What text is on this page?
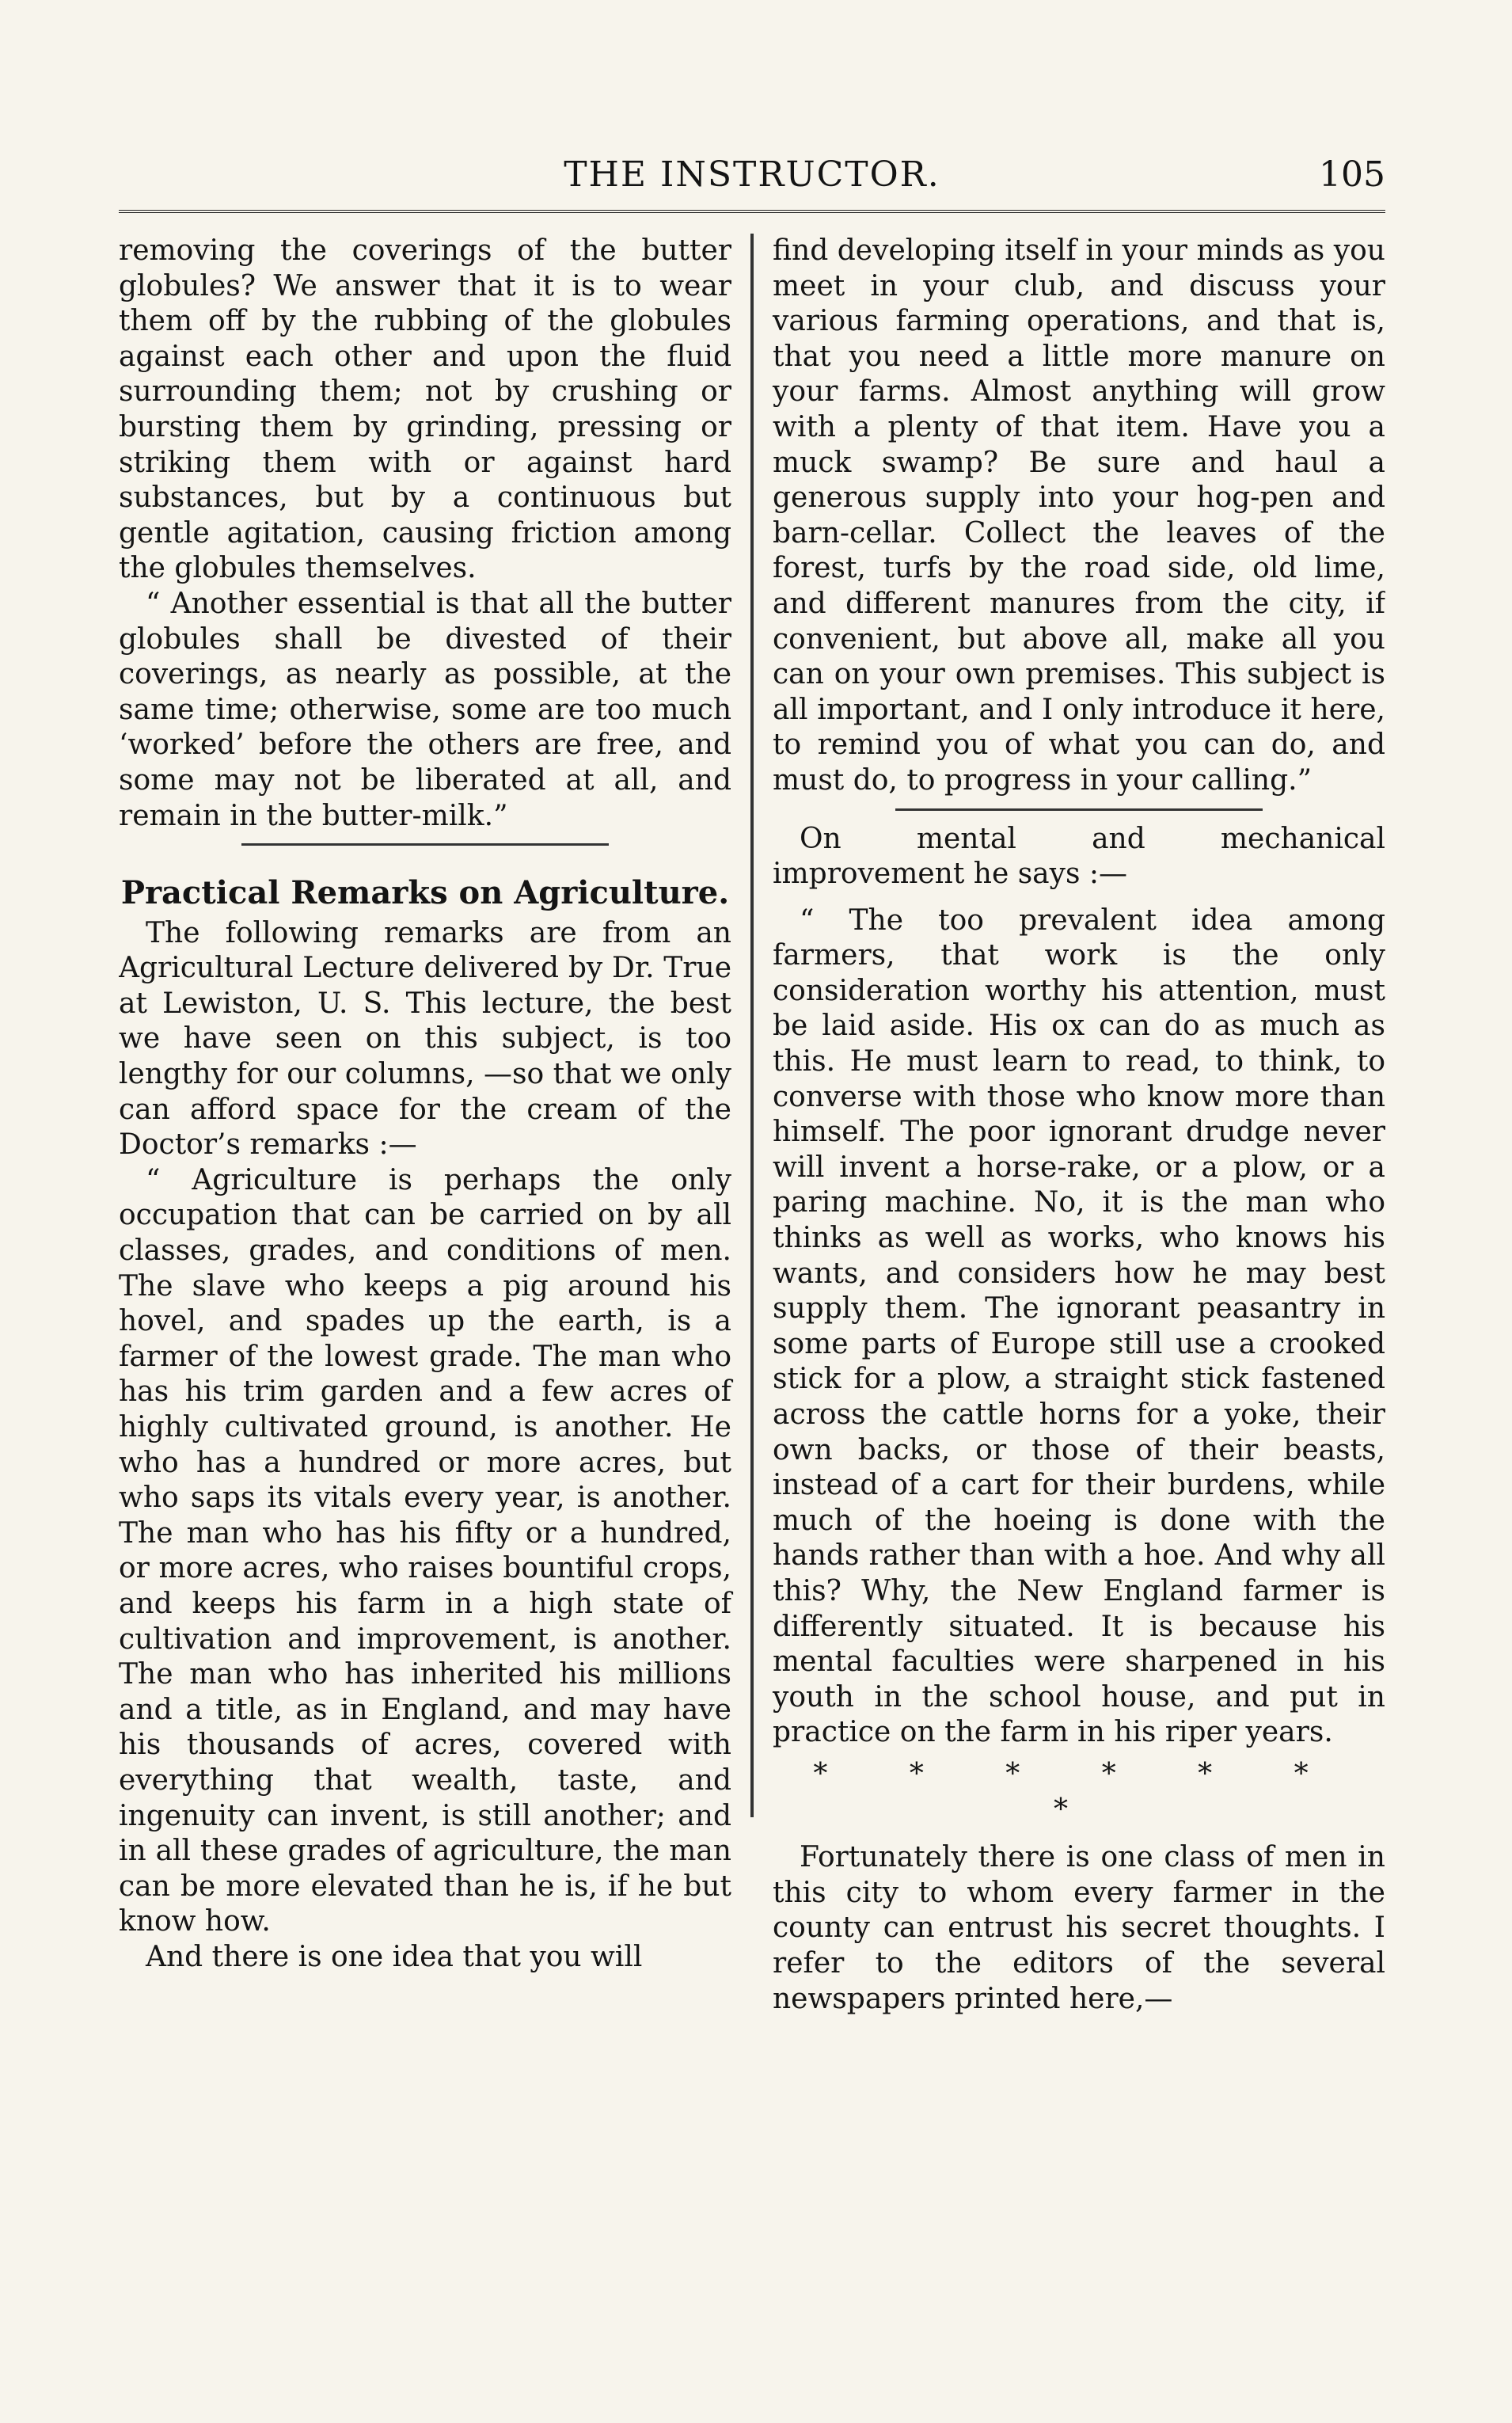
THE INSTRUCTOR.	105

removing the coverings of the butter globules? We answer that it is to wear them off by the rubbing of the globules against each other and upon the fluid surrounding them; not by crushing or bursting them by grinding, pressing or striking them with or against hard substances, but by a continuous but gentle agitation, causing friction among the globules themselves.

“ Another essential is that all the butter globules shall be divested of their coverings, as nearly as possible, at the same time; otherwise, some are too much ‘worked’ before the others are free, and some may not be liberated at all, and remain in the butter-milk.”

Practical Remarks on Agriculture.

The following remarks are from an Agricultural Lecture delivered by Dr. True at Lewiston, U. S. This lecture, the best we have seen on this subject, is too lengthy for our columns, —so that we only can afford space for the cream of the Doctor’s remarks :—

“ Agriculture is perhaps the only occupation that can be carried on by all classes, grades, and conditions of men. The slave who keeps a pig around his hovel, and spades up the earth, is a farmer of the lowest grade. The man who has his trim garden and a few acres of highly cultivated ground, is another. He who has a hundred or more acres, but who saps its vitals every year, is another. The man who has his fifty or a hundred, or more acres, who raises bountiful crops, and keeps his farm in a high state of cultivation and improvement, is another. The man who has inherited his millions and a title, as in England, and may have his thousands of acres, covered with everything that wealth, taste, and ingenuity can invent, is still another; and in all these grades of agriculture, the man can be more elevated than he is, if he but know how.

And there is one idea that you will

find developing itself in your minds as you meet in your club, and discuss your various farming operations, and that is, that you need a little more manure on your farms. Almost anything will grow with a plenty of that item. Have you a muck swamp? Be sure and haul a generous supply into your hog-pen and barn-cellar. Collect the leaves of the forest, turfs by the road side, old lime, and different manures from the city, if convenient, but above all, make all you can on your own premises. This subject is all important, and I only introduce it here, to remind you of what you can do, and must do, to progress in your calling.”

On mental and mechanical improvement he says :—

“ The too prevalent idea among farmers, that work is the only consideration worthy his attention, must be laid aside. His ox can do as much as this. He must learn to read, to think, to converse with those who know more than himself. The poor ignorant drudge never will invent a horse-rake, or a plow, or a paring machine. No, it is the man who thinks as well as works, who knows his wants, and considers how he may best supply them. The ignorant peasantry in some parts of Europe still use a crooked stick for a plow, a straight stick fastened across the cattle horns for a yoke, their own backs, or those of their beasts, instead of a cart for their burdens, while much of the hoeing is done with the hands rather than with a hoe. And why all this? Why, the New England farmer is differently situated. It is because his mental faculties were sharpened in his youth in the school house, and put in practice on the farm in his riper years.

* * * * * * *

Fortunately there is one class of men in this city to whom every farmer in the county can entrust his secret thoughts. I refer to the editors of the several newspapers printed here,—
